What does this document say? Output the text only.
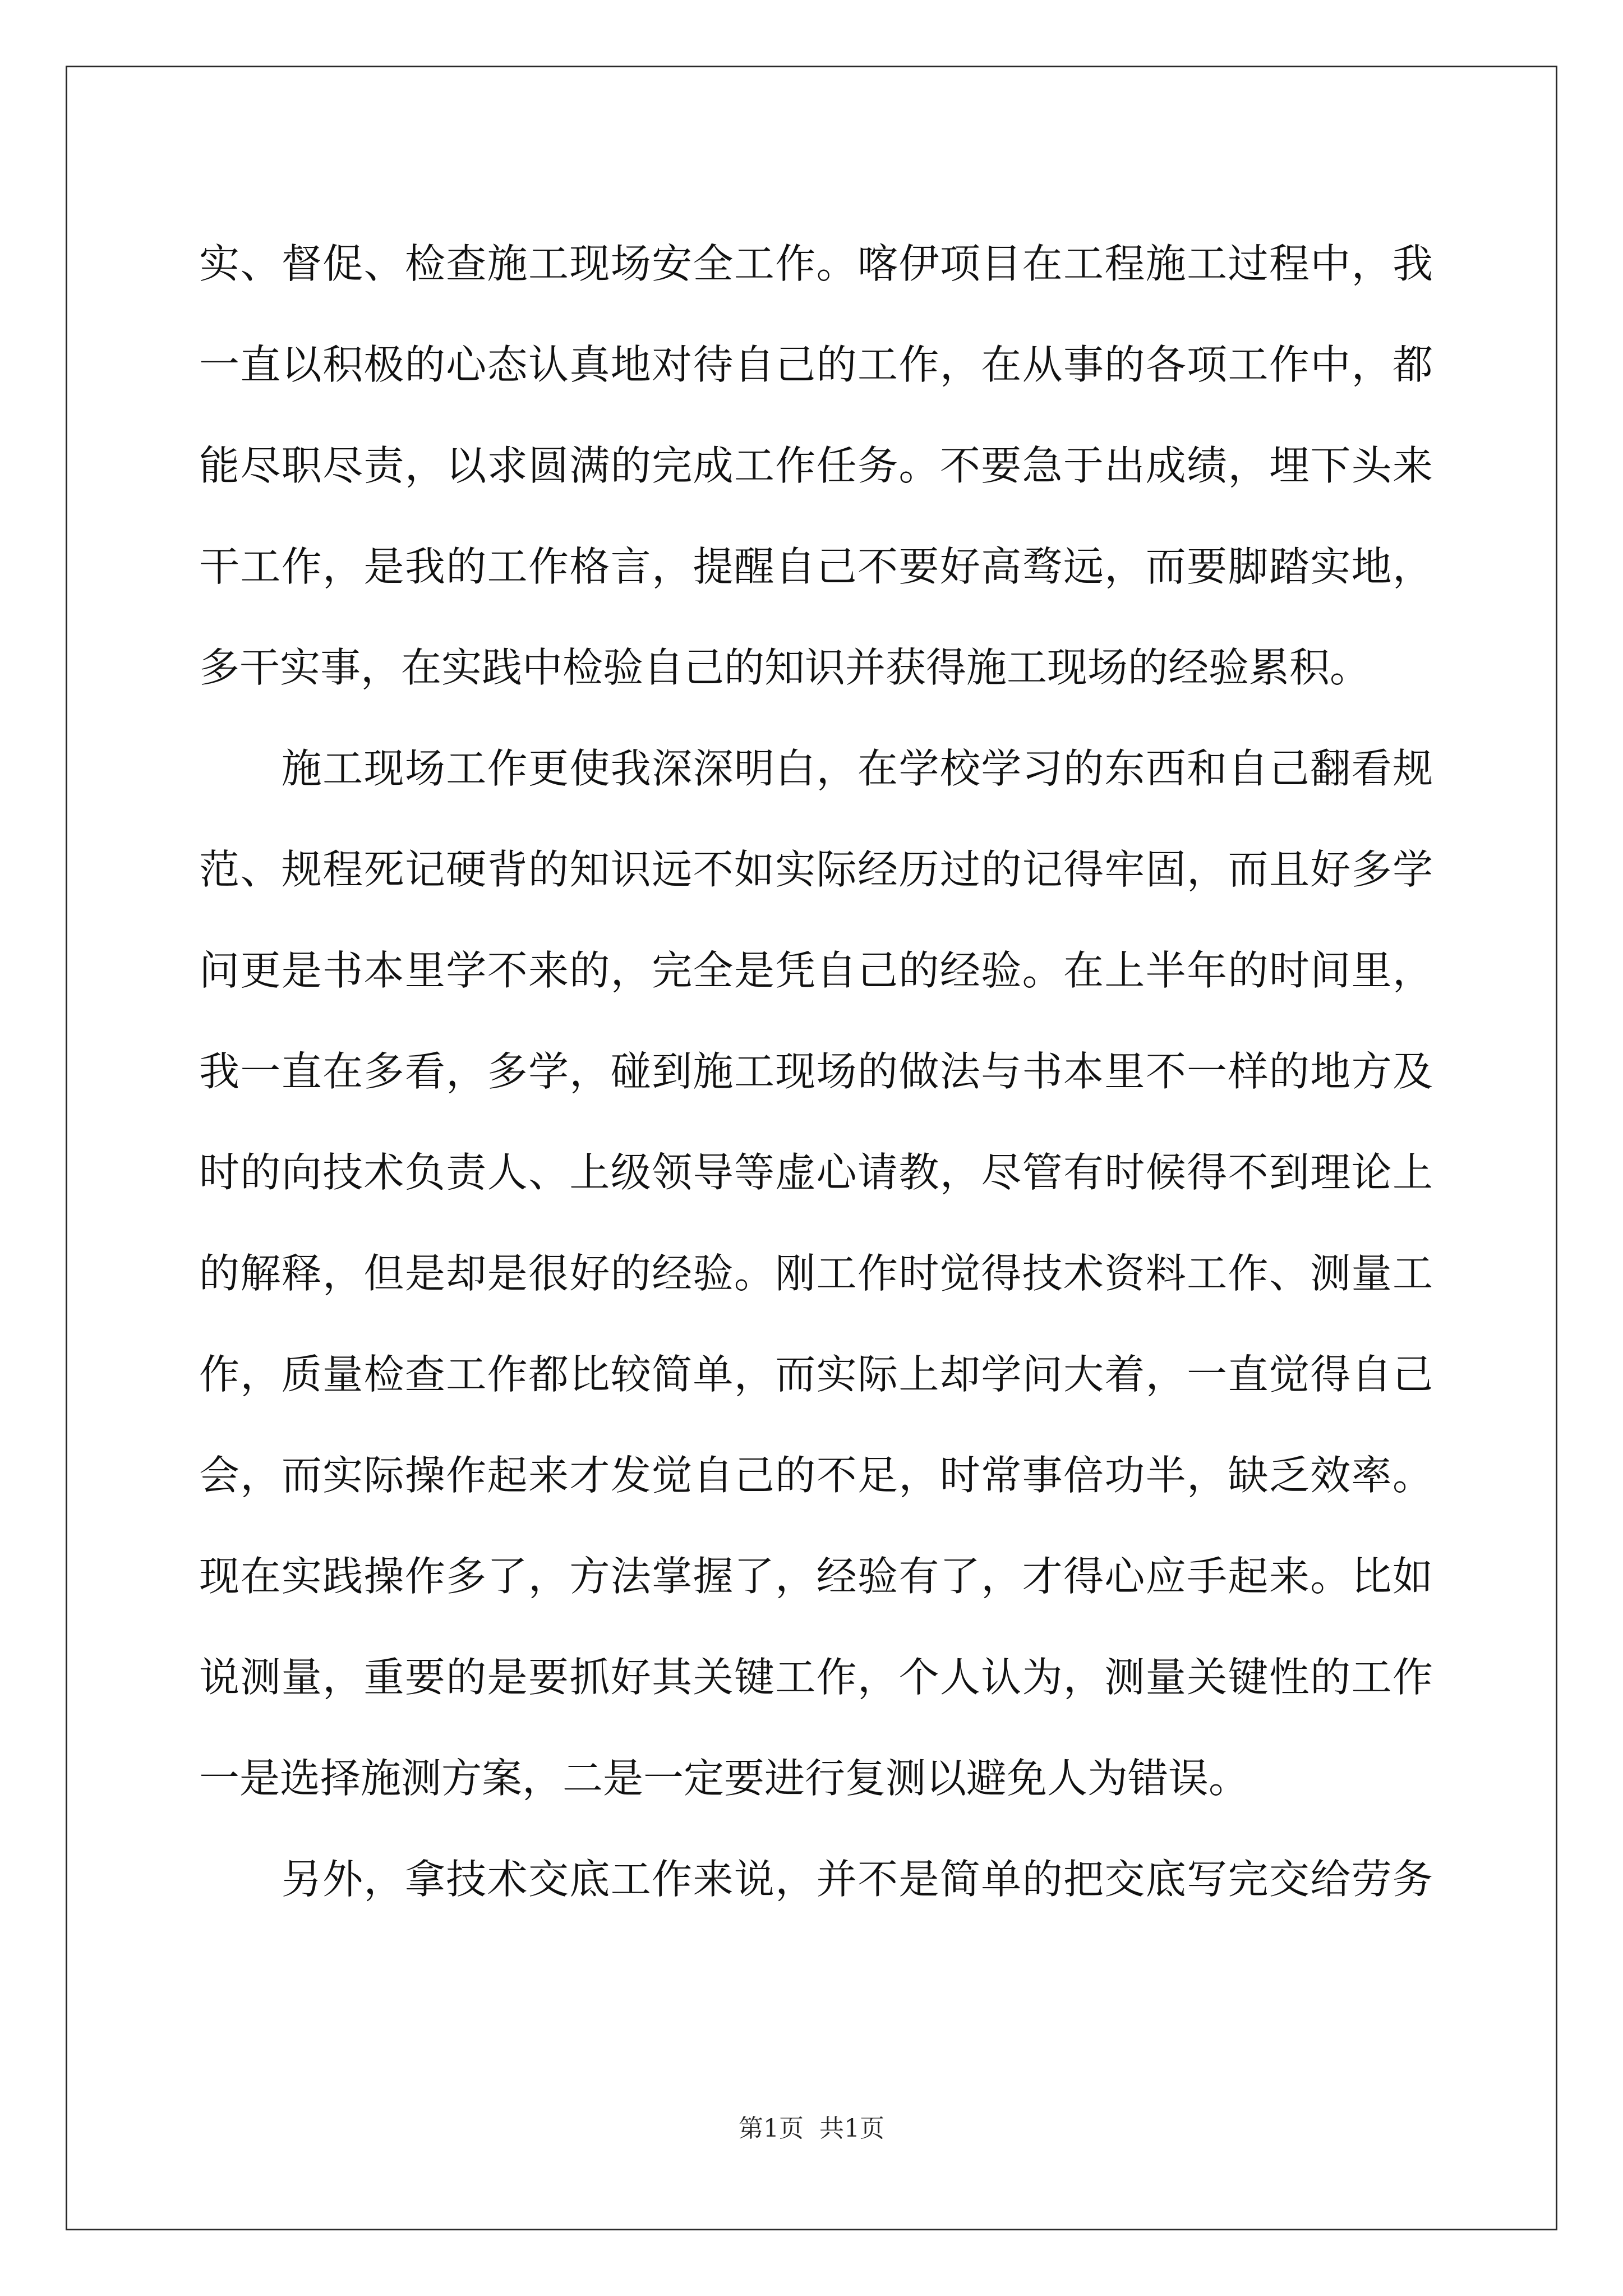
实、督促、检查施工现场安全工作。喀伊项目在工程施工过程中，我
一直以积极的心态认真地对待自己的工作，在从事的各项工作中，都
能尽职尽责，以求圆满的完成工作任务。不要急于出成绩，埋下头来
干工作，是我的工作格言，提醒自己不要好高骛远，而要脚踏实地，
多干实事，在实践中检验自己的知识并获得施工现场的经验累积。
　　施工现场工作更使我深深明白，在学校学习的东西和自己翻看规
范、规程死记硬背的知识远不如实际经历过的记得牢固，而且好多学
问更是书本里学不来的，完全是凭自己的经验。在上半年的时间里，
我一直在多看，多学，碰到施工现场的做法与书本里不一样的地方及
时的向技术负责人、上级领导等虚心请教，尽管有时候得不到理论上
的解释，但是却是很好的经验。刚工作时觉得技术资料工作、测量工
作，质量检查工作都比较简单，而实际上却学问大着，一直觉得自己
会，而实际操作起来才发觉自己的不足，时常事倍功半，缺乏效率。
现在实践操作多了，方法掌握了，经验有了，才得心应手起来。比如
说测量，重要的是要抓好其关键工作，个人认为，测量关键性的工作
一是选择施测方案，二是一定要进行复测以避免人为错误。
　　另外，拿技术交底工作来说，并不是简单的把交底写完交给劳务
第1页 共1页
